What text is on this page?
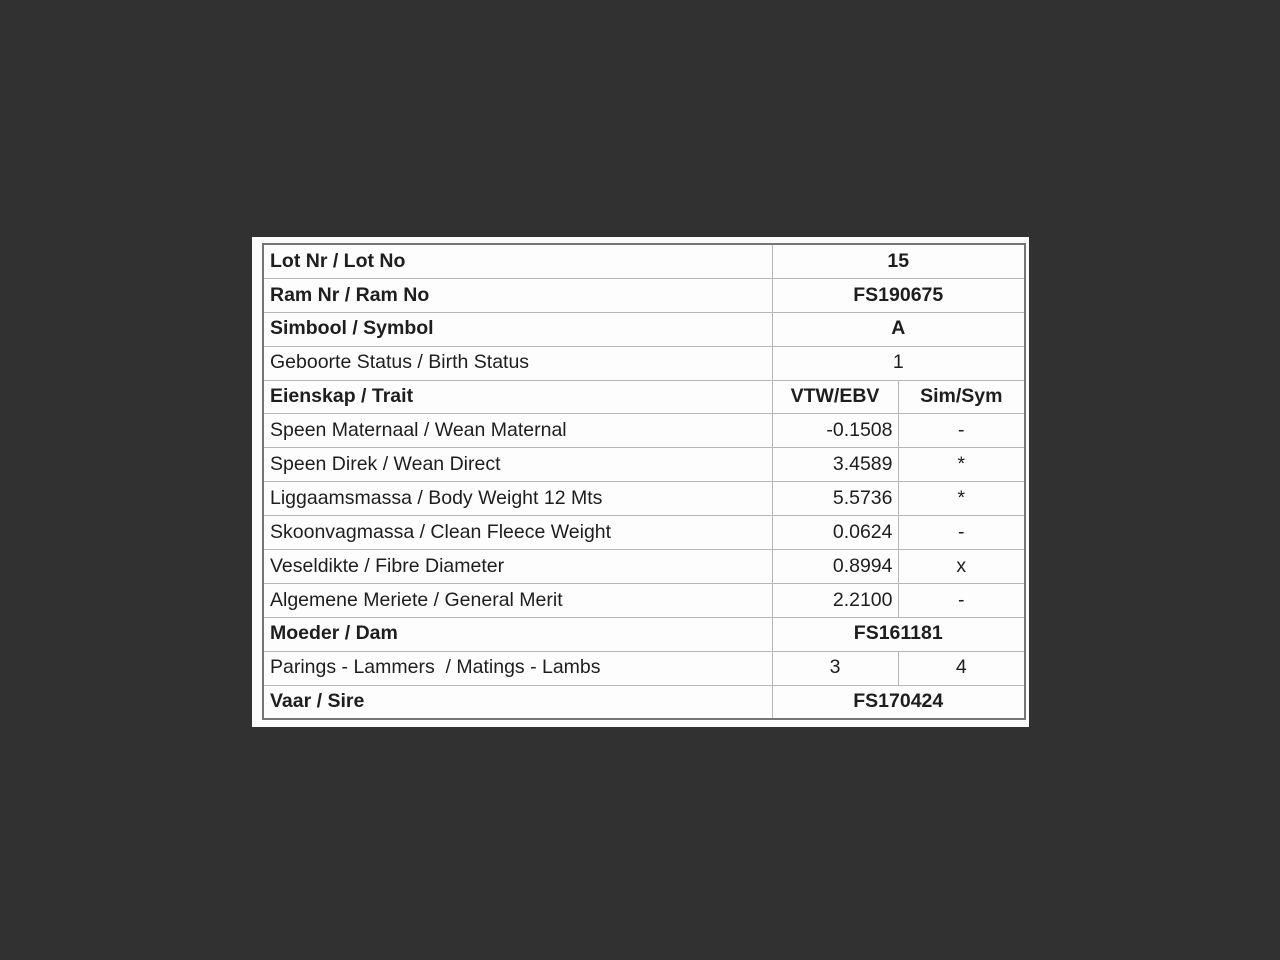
Lot Nr / Lot No	15	
Ram Nr / Ram No	FS190675	
Simbool / Symbol	A	
Geboorte Status / Birth Status	1	
Eienskap / Trait	VTW/EBV	Sim/Sym
Speen Maternaal / Wean Maternal	-0.1508	-
Speen Direk / Wean Direct	3.4589	*
Liggaamsmassa / Body Weight 12 Mts	5.5736	*
Skoonvagmassa / Clean Fleece Weight	0.0624	-
Veseldikte / Fibre Diameter	0.8994	x
Algemene Meriete / General Merit	2.2100	-
Moeder / Dam	FS161181	
Parings - Lammers  / Matings - Lambs	3	4
Vaar / Sire	FS170424	
